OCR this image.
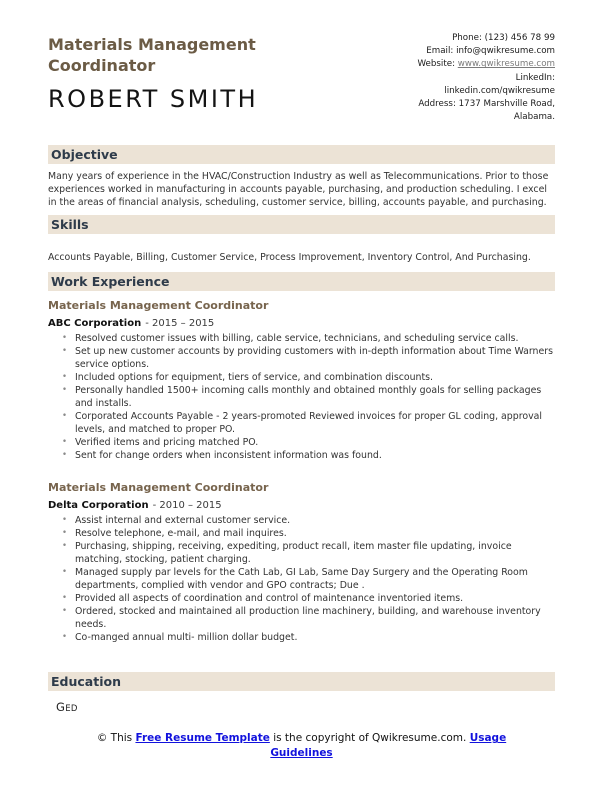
Materials Management Coordinator
ROBERT SMITH
Phone: (123) 456 78 99
Email: info@qwikresume.com
Website: www.qwikresume.com
LinkedIn:
linkedin.com/qwikresume
Address: 1737 Marshville Road,
Alabama.
Objective
Many years of experience in the HVAC/Construction Industry as well as Telecommunications. Prior to those experiences worked in manufacturing in accounts payable, purchasing, and production scheduling. I excel in the areas of financial analysis, scheduling, customer service, billing, accounts payable, and purchasing.
Skills
Accounts Payable, Billing, Customer Service, Process Improvement, Inventory Control, And Purchasing.
Work Experience
Materials Management Coordinator
ABC Corporation - 2015 – 2015
• Resolved customer issues with billing, cable service, technicians, and scheduling service calls.
• Set up new customer accounts by providing customers with in-depth information about Time Warners service options.
• Included options for equipment, tiers of service, and combination discounts.
• Personally handled 1500+ incoming calls monthly and obtained monthly goals for selling packages and installs.
• Corporated Accounts Payable - 2 years-promoted Reviewed invoices for proper GL coding, approval levels, and matched to proper PO.
• Verified items and pricing matched PO.
• Sent for change orders when inconsistent information was found.
Materials Management Coordinator
Delta Corporation - 2010 – 2015
• Assist internal and external customer service.
• Resolve telephone, e-mail, and mail inquires.
• Purchasing, shipping, receiving, expediting, product recall, item master file updating, invoice matching, stocking, patient charging.
• Managed supply par levels for the Cath Lab, GI Lab, Same Day Surgery and the Operating Room departments, complied with vendor and GPO contracts; Due .
• Provided all aspects of coordination and control of maintenance inventoried items.
• Ordered, stocked and maintained all production line machinery, building, and warehouse inventory needs.
• Co-manged annual multi- million dollar budget.
Education
GED
© This Free Resume Template is the copyright of Qwikresume.com. Usage Guidelines
